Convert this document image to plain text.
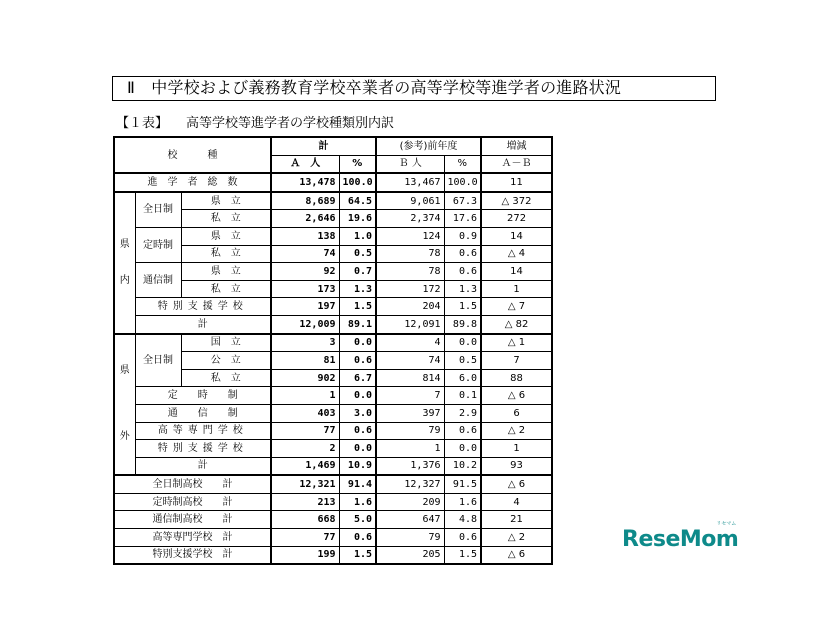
Ⅱ　中学校および義務教育学校卒業者の高等学校等進学者の進路状況
【１表】 高等学校等進学者の学校種類別内訳
校　　　種			計		(参考)前年度		増減
			Ａ　人	%	Ｂ 人	%	Ａ－Ｂ
進　学　者　総　数			13,478	100.0	13,467	100.0	11
県

内	全日制	県　立	8,689	64.5	9,061	67.3	△ 372
		私　立	2,646	19.6	2,374	17.6	272
	定時制	県　立	138	1.0	124	0.9	14
		私　立	74	0.5	78	0.6	△ 4
	通信制	県　立	92	0.7	78	0.6	14
		私　立	173	1.3	172	1.3	1
	特別支援学校		197	1.5	204	1.5	△ 7
	計		12,009	89.1	12,091	89.8	△ 82
県

外	全日制	国　立	3	0.0	4	0.0	△ 1
		公　立	81	0.6	74	0.5	7
		私　立	902	6.7	814	6.0	88
	定　　時　　制		1	0.0	7	0.1	△ 6
	通　　信　　制		403	3.0	397	2.9	6
	高等専門学校		77	0.6	79	0.6	△ 2
	特別支援学校		2	0.0	1	0.0	1
	計		1,469	10.9	1,376	10.2	93
全日制高校　　計			12,321	91.4	12,327	91.5	△ 6
定時制高校　　計			213	1.6	209	1.6	4
通信制高校　　計			668	5.0	647	4.8	21
高等専門学校　計			77	0.6	79	0.6	△ 2
特別支援学校　計			199	1.5	205	1.5	△ 6
ReseMom
リセマム
